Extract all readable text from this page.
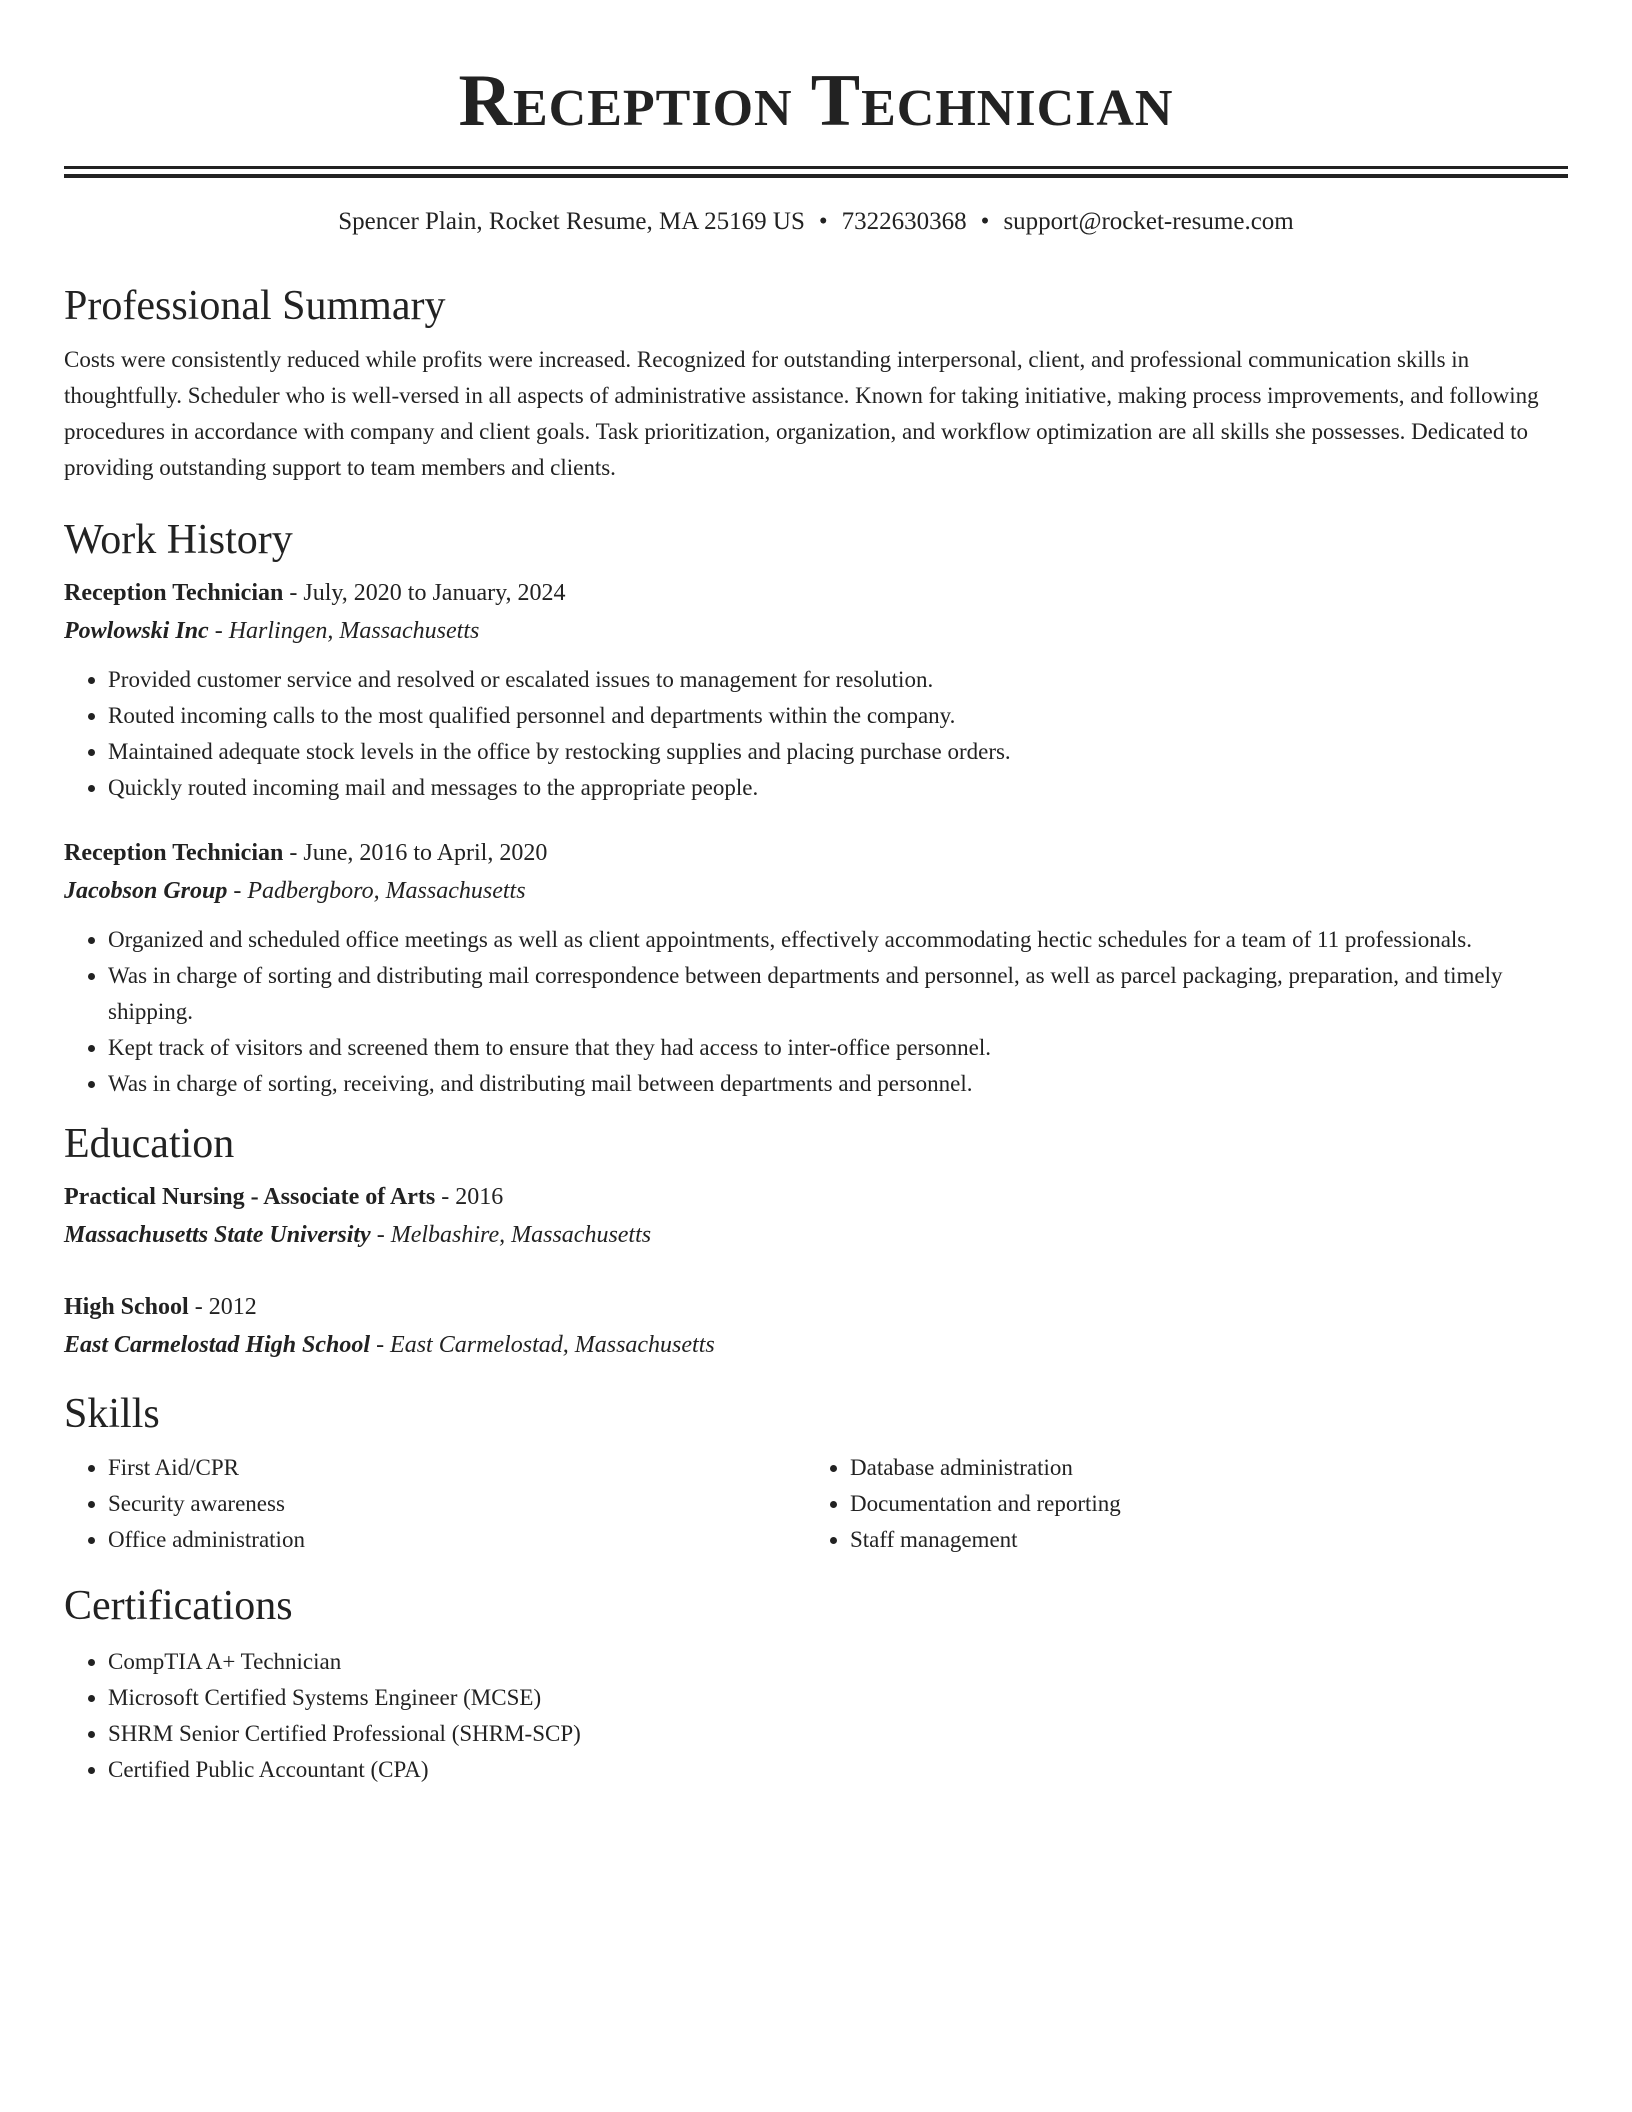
Reception Technician
Spencer Plain, Rocket Resume, MA 25169 US • 7322630368 • support@rocket-resume.com
Professional Summary
Costs were consistently reduced while profits were increased. Recognized for outstanding interpersonal, client, and professional communication skills in thoughtfully. Scheduler who is well-versed in all aspects of administrative assistance. Known for taking initiative, making process improvements, and following procedures in accordance with company and client goals. Task prioritization, organization, and workflow optimization are all skills she possesses. Dedicated to providing outstanding support to team members and clients.
Work History
Reception Technician - July, 2020 to January, 2024
Powlowski Inc - Harlingen, Massachusetts
• Provided customer service and resolved or escalated issues to management for resolution.
• Routed incoming calls to the most qualified personnel and departments within the company.
• Maintained adequate stock levels in the office by restocking supplies and placing purchase orders.
• Quickly routed incoming mail and messages to the appropriate people.
Reception Technician - June, 2016 to April, 2020
Jacobson Group - Padbergboro, Massachusetts
• Organized and scheduled office meetings as well as client appointments, effectively accommodating hectic schedules for a team of 11 professionals.
• Was in charge of sorting and distributing mail correspondence between departments and personnel, as well as parcel packaging, preparation, and timely shipping.
• Kept track of visitors and screened them to ensure that they had access to inter-office personnel.
• Was in charge of sorting, receiving, and distributing mail between departments and personnel.
Education
Practical Nursing - Associate of Arts - 2016
Massachusetts State University - Melbashire, Massachusetts
High School - 2012
East Carmelostad High School - East Carmelostad, Massachusetts
Skills
• First Aid/CPR
• Security awareness
• Office administration
• Database administration
• Documentation and reporting
• Staff management
Certifications
• CompTIA A+ Technician
• Microsoft Certified Systems Engineer (MCSE)
• SHRM Senior Certified Professional (SHRM-SCP)
• Certified Public Accountant (CPA)
